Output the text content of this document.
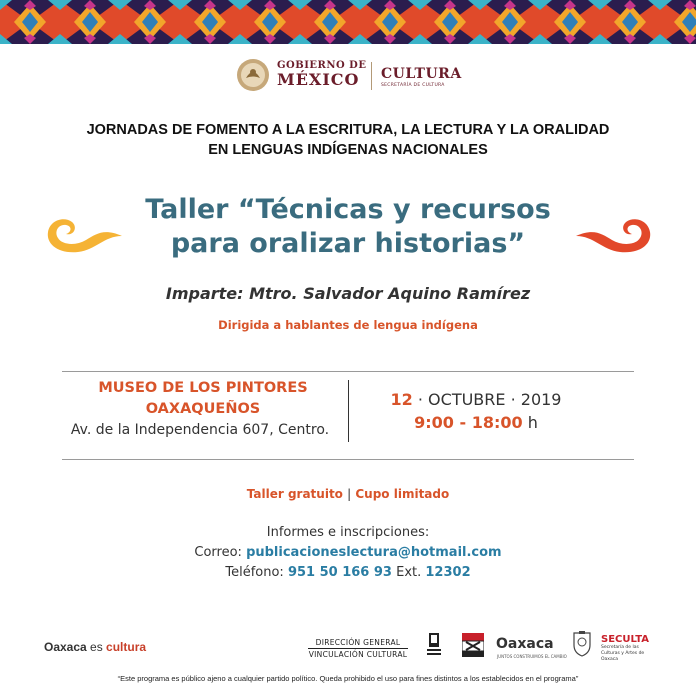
GOBIERNO DE
MÉXICO	CULTURA
SECRETARÍA DE CULTURA
JORNADAS DE FOMENTO A LA ESCRITURA, LA LECTURA Y LA ORALIDAD
EN LENGUAS INDÍGENAS NACIONALES
Taller “Técnicas y recursos
para oralizar historias”
Imparte: Mtro. Salvador Aquino Ramírez
Dirigida a hablantes de lengua indígena
MUSEO DE LOS PINTORES
OAXAQUEÑOS
Av. de la Independencia 607, Centro.
12 · OCTUBRE · 2019
9:00 - 18:00 h
Taller gratuito | Cupo limitado
Informes e inscripciones:
Correo: publicacioneslectura@hotmail.com
Teléfono: 951 50 166 93 Ext. 12302
Oaxaca es cultura	DIRECCIÓN GENERAL
VINCULACIÓN CULTURAL
Oaxaca
JUNTOS CONSTRUIMOS EL CAMBIO
SECULTA
Secretaría de las Culturas y Artes de Oaxaca
“Este programa es público ajeno a cualquier partido político. Queda prohibido el uso para fines distintos a los establecidos en el programa”
